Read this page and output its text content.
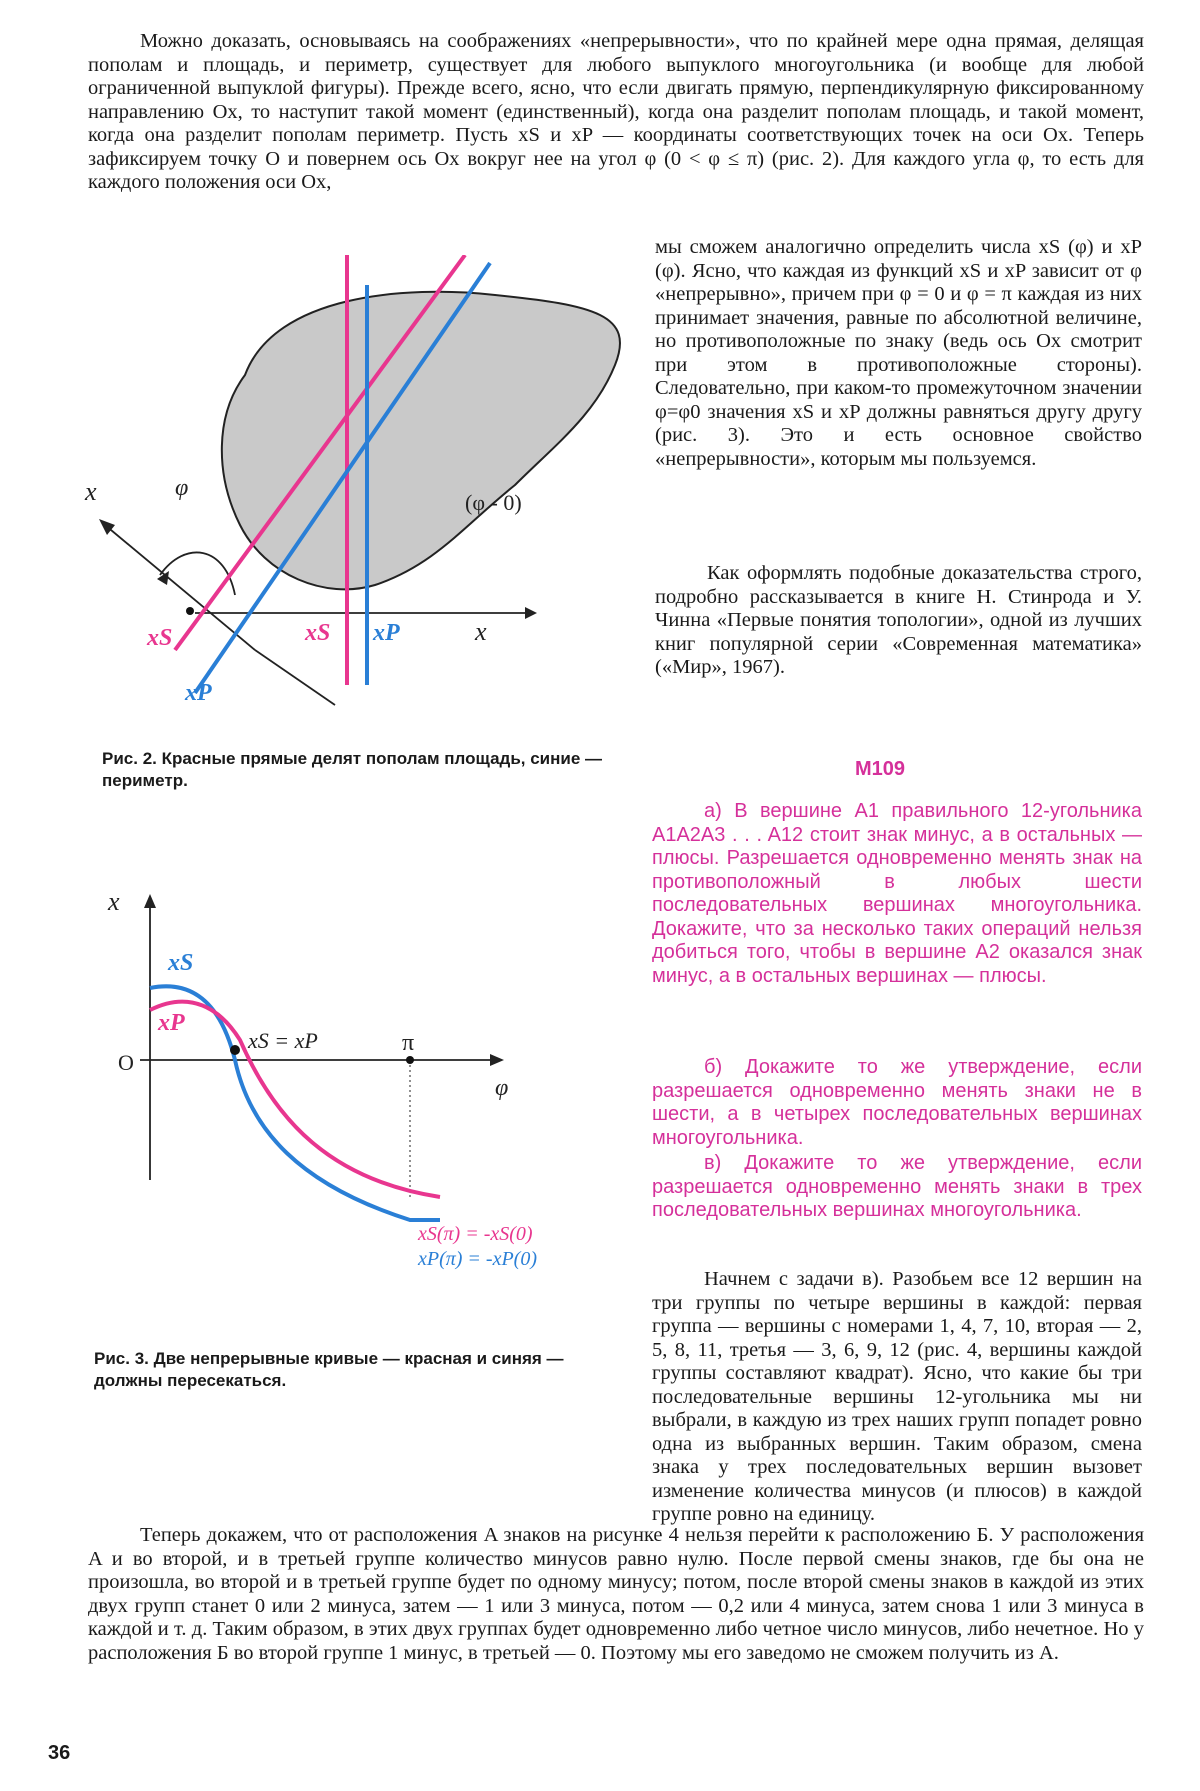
Можно доказать, основываясь на соображениях «непрерывности», что по крайней мере одна прямая, делящая пополам и площадь, и периметр, существует для любого выпуклого многоугольника (и вообще для любой ограниченной выпуклой фигуры). Прежде всего, ясно, что если двигать прямую, перпендикулярную фиксированному направлению Ox, то наступит такой момент (единственный), когда она разделит пополам площадь, и такой момент, когда она разделит пополам периметр. Пусть xS и xP — координаты соответствующих точек на оси Ox. Теперь зафиксируем точку O и повернем ось Ox вокруг нее на угол φ (0 < φ ≤ π) (рис. 2). Для каждого угла φ, то есть для каждого положения оси Ox,

мы сможем аналогично определить числа xS (φ) и xP (φ). Ясно, что каждая из функций xS и xP зависит от φ «непрерывно», причем при φ = 0 и φ = π каждая из них принимает значения, равные по абсолютной величине, но противоположные по знаку (ведь ось Ox смотрит при этом в противоположные стороны). Следовательно, при каком-то промежуточном значении φ=φ0 значения xS и xP должны равняться другу другу (рис. 3). Это и есть основное свойство «непрерывности», которым мы пользуемся.

Как оформлять подобные доказательства строго, подробно рассказывается в книге Н. Стинрода и У. Чинна «Первые понятия топологии», одной из лучших книг популярной серии «Современная математика» («Мир», 1967).

x	φ
(φ - 0)
x
xS
xP
xS xP
Рис. 2. Красные прямые делят пополам площадь, синие — периметр.
М109

а) В вершине A1 правильного 12-угольника A1A2A3 . . . A12 стоит знак минус, а в остальных — плюсы. Разрешается одновременно менять знак на противоположный в любых шести последовательных вершинах многоугольника. Докажите, что за несколько таких операций нельзя добиться того, чтобы в вершине A2 оказался знак минус, а в остальных вершинах — плюсы.

б) Докажите то же утверждение, если разрешается одновременно менять знаки не в шести, а в четырех последовательных вершинах многоугольника.

в) Докажите то же утверждение, если разрешается одновременно менять знаки в трех последовательных вершинах многоугольника.

x
O
π
φ
xS
xP
xS = xP
xS(π) = -xS(0)
xP(π) = -xP(0)
Рис. 3. Две непрерывные кривые — красная и синяя — должны пересекаться.

Начнем с задачи в). Разобьем все 12 вершин на три группы по четыре вершины в каждой: первая группа — вершины с номерами 1, 4, 7, 10, вторая — 2, 5, 8, 11, третья — 3, 6, 9, 12 (рис. 4, вершины каждой группы составляют квадрат). Ясно, что какие бы три последовательные вершины 12-угольника мы ни выбрали, в каждую из трех наших групп попадет ровно одна из выбранных вершин. Таким образом, смена знака у трех последовательных вершин вызовет изменение количества минусов (и плюсов) в каждой группе ровно на единицу.

Теперь докажем, что от расположения A знаков на рисунке 4 нельзя перейти к расположению Б. У расположения A и во второй, и в третьей группе количество минусов равно нулю. После первой смены знаков, где бы она не произошла, во второй и в третьей группе будет по одному минусу; потом, после второй смены знаков в каждой из этих двух групп станет 0 или 2 минуса, затем — 1 или 3 минуса, потом — 0,2 или 4 минуса, затем снова 1 или 3 минуса в каждой и т. д. Таким образом, в этих двух группах будет одновременно либо четное число минусов, либо нечетное. Но у расположения Б во второй группе 1 минус, в третьей — 0. Поэтому мы его заведомо не сможем получить из A.

36
